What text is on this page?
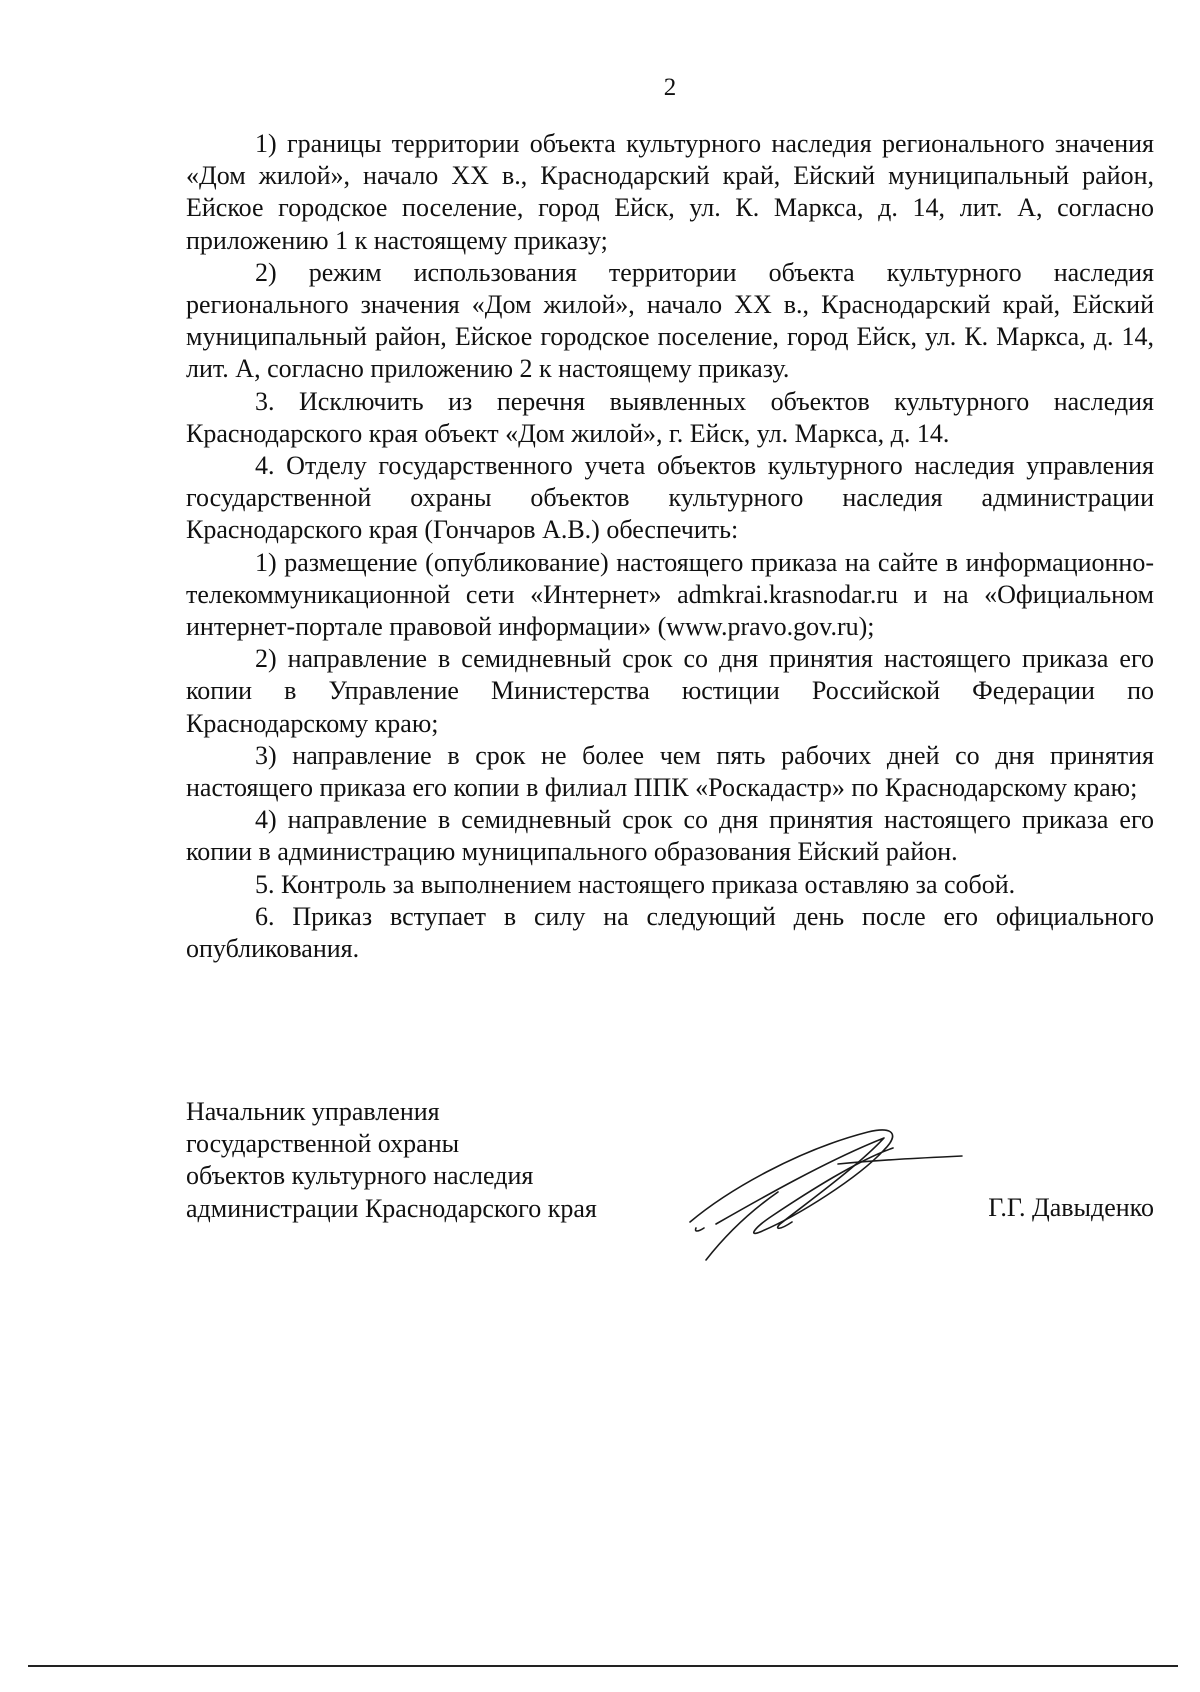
2

1) границы территории объекта культурного наследия регионального значения «Дом жилой», начало XX в., Краснодарский край, Ейский муниципальный район, Ейское городское поселение, город Ейск, ул. К. Маркса, д. 14, лит. А, согласно приложению 1 к настоящему приказу;

2) режим использования территории объекта культурного наследия регионального значения «Дом жилой», начало XX в., Краснодарский край, Ейский муниципальный район, Ейское городское поселение, город Ейск, ул. К. Маркса, д. 14, лит. А, согласно приложению 2 к настоящему приказу.

3. Исключить из перечня выявленных объектов культурного наследия Краснодарского края объект «Дом жилой», г. Ейск, ул. Маркса, д. 14.

4. Отделу государственного учета объектов культурного наследия управления государственной охраны объектов культурного наследия администрации Краснодарского края (Гончаров А.В.) обеспечить:

1) размещение (опубликование) настоящего приказа на сайте в информационно-телекоммуникационной сети «Интернет» admkrai.krasnodar.ru и на «Официальном интернет-портале правовой информации» (www.pravo.gov.ru);

2) направление в семидневный срок со дня принятия настоящего приказа его копии в Управление Министерства юстиции Российской Федерации по Краснодарскому краю;

3) направление в срок не более чем пять рабочих дней со дня принятия настоящего приказа его копии в филиал ППК «Роскадастр» по Краснодарскому краю;

4) направление в семидневный срок со дня принятия настоящего приказа его копии в администрацию муниципального образования Ейский район.

5. Контроль за выполнением настоящего приказа оставляю за собой.

6. Приказ вступает в силу на следующий день после его официального опубликования.

Начальник управления
государственной охраны
объектов культурного наследия
администрации Краснодарского края	Г.Г. Давыденко
